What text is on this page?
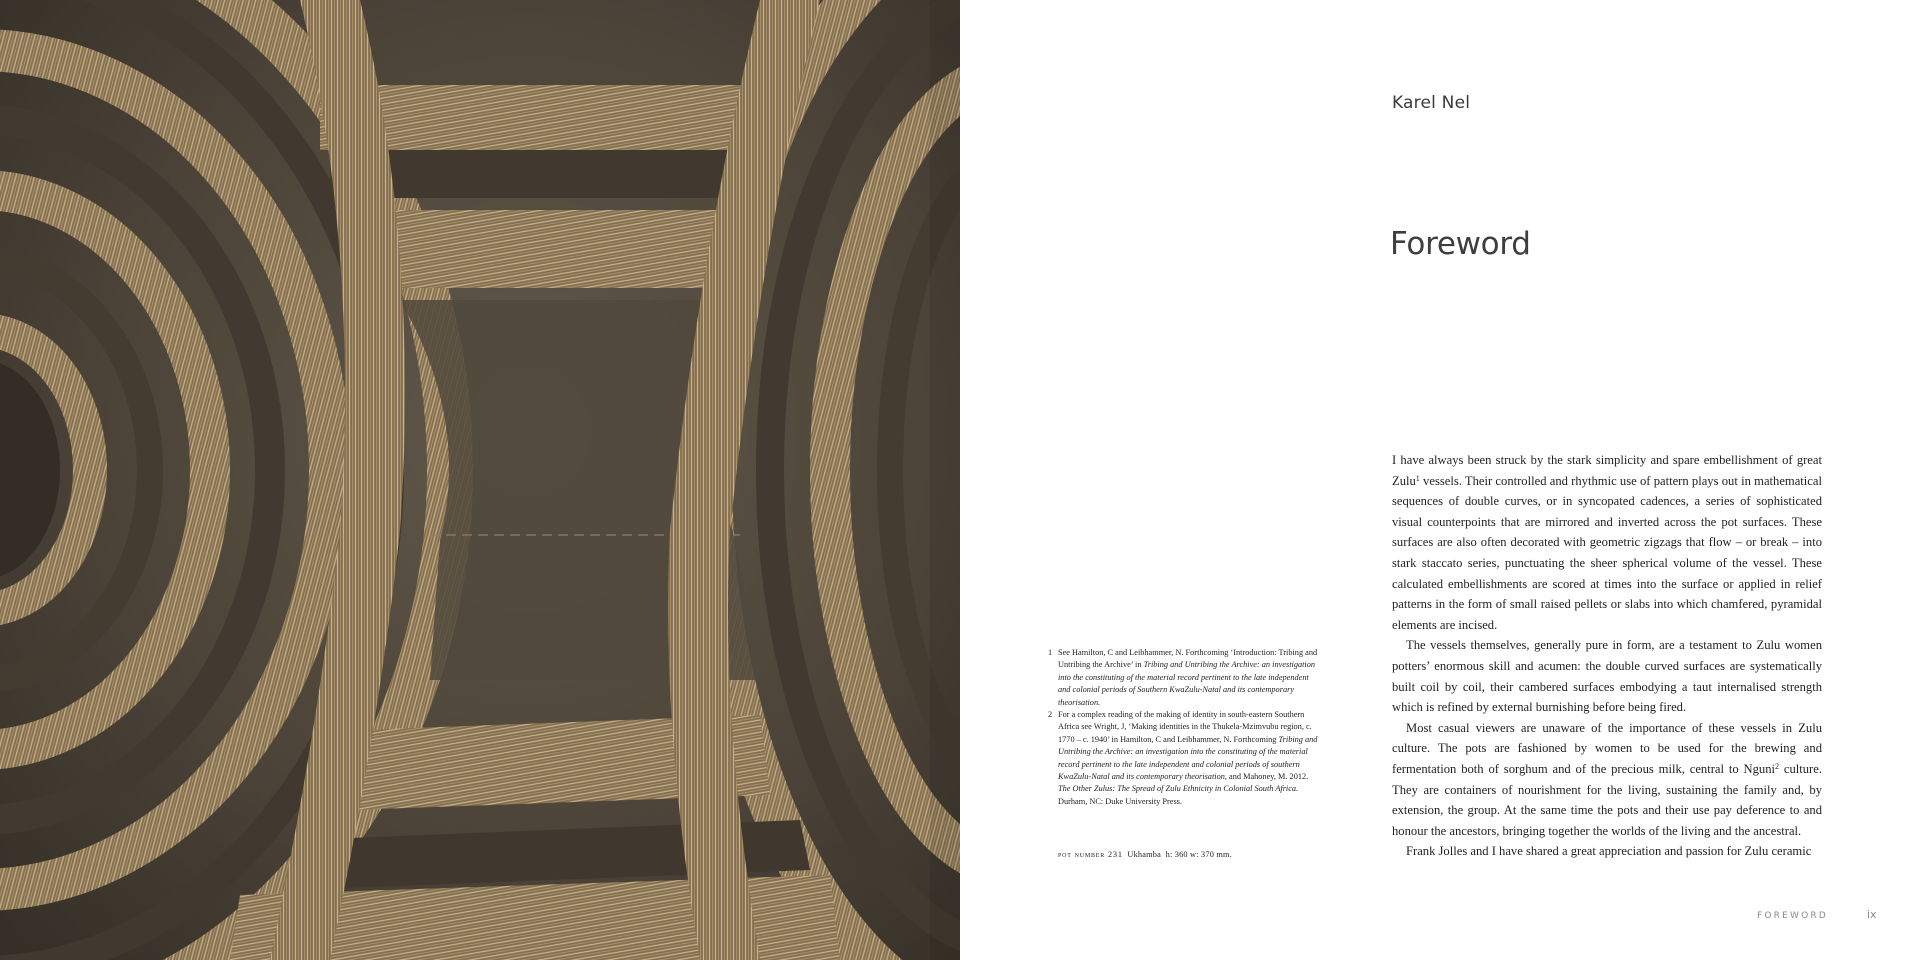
Karel Nel
Foreword

I have always been struck by the stark simplicity and spare embellishment of great Zulu$^1$ vessels. Their controlled and rhythmic use of pattern plays out in mathematical sequences of double curves, or in syncopated cadences, a series of sophisticated visual counterpoints that are mirrored and inverted across the pot surfaces. These surfaces are also often decorated with geometric zigzags that flow – or break – into stark staccato series, punctuating the sheer spherical volume of the vessel. These calculated embellishments are scored at times into the surface or applied in relief patterns in the form of small raised pellets or slabs into which chamfered, pyramidal elements are incised.

The vessels themselves, generally pure in form, are a testament to Zulu women potters’ enormous skill and acumen: the double curved surfaces are systematically built coil by coil, their cambered surfaces embodying a taut internalised strength which is refined by external burnishing before being fired.

Most casual viewers are unaware of the importance of these vessels in Zulu culture. The pots are fashioned by women to be used for the brewing and fermentation both of sorghum and of the precious milk, central to Nguni$^2$ culture. They are containers of nourishment for the living, sustaining the family and, by extension, the group. At the same time the pots and their use pay deference to and honour the ancestors, bringing together the worlds of the living and the ancestral.

Frank Jolles and I have shared a great appreciation and passion for Zulu ceramic

1 See Hamilton, C and Leibhammer, N. Forthcoming ‘Introduction: Tribing and Untribing the Archive’ in Tribing and Untribing the Archive: an investigation into the constituting of the material record pertinent to the late independent and colonial periods of Southern KwaZulu-Natal and its contemporary theorisation.
2 For a complex reading of the making of identity in south-eastern Southern Africa see Wright, J, ‘Making identities in the Thukela-Mzimvubu region, c. 1770 – c. 1940’ in Hamilton, C and Leibhammer, N. Forthcoming Tribing and Untribing the Archive: an investigation into the constituting of the material record pertinent to the late independent and colonial periods of southern KwaZulu-Natal and its contemporary theorisation, and Mahoney, M. 2012. The Other Zulus: The Spread of Zulu Ethnicity in Colonial South Africa. Durham, NC: Duke University Press.
pot number 231 Ukhamba h: 360 w: 370 mm.
FOREWORD	ix
